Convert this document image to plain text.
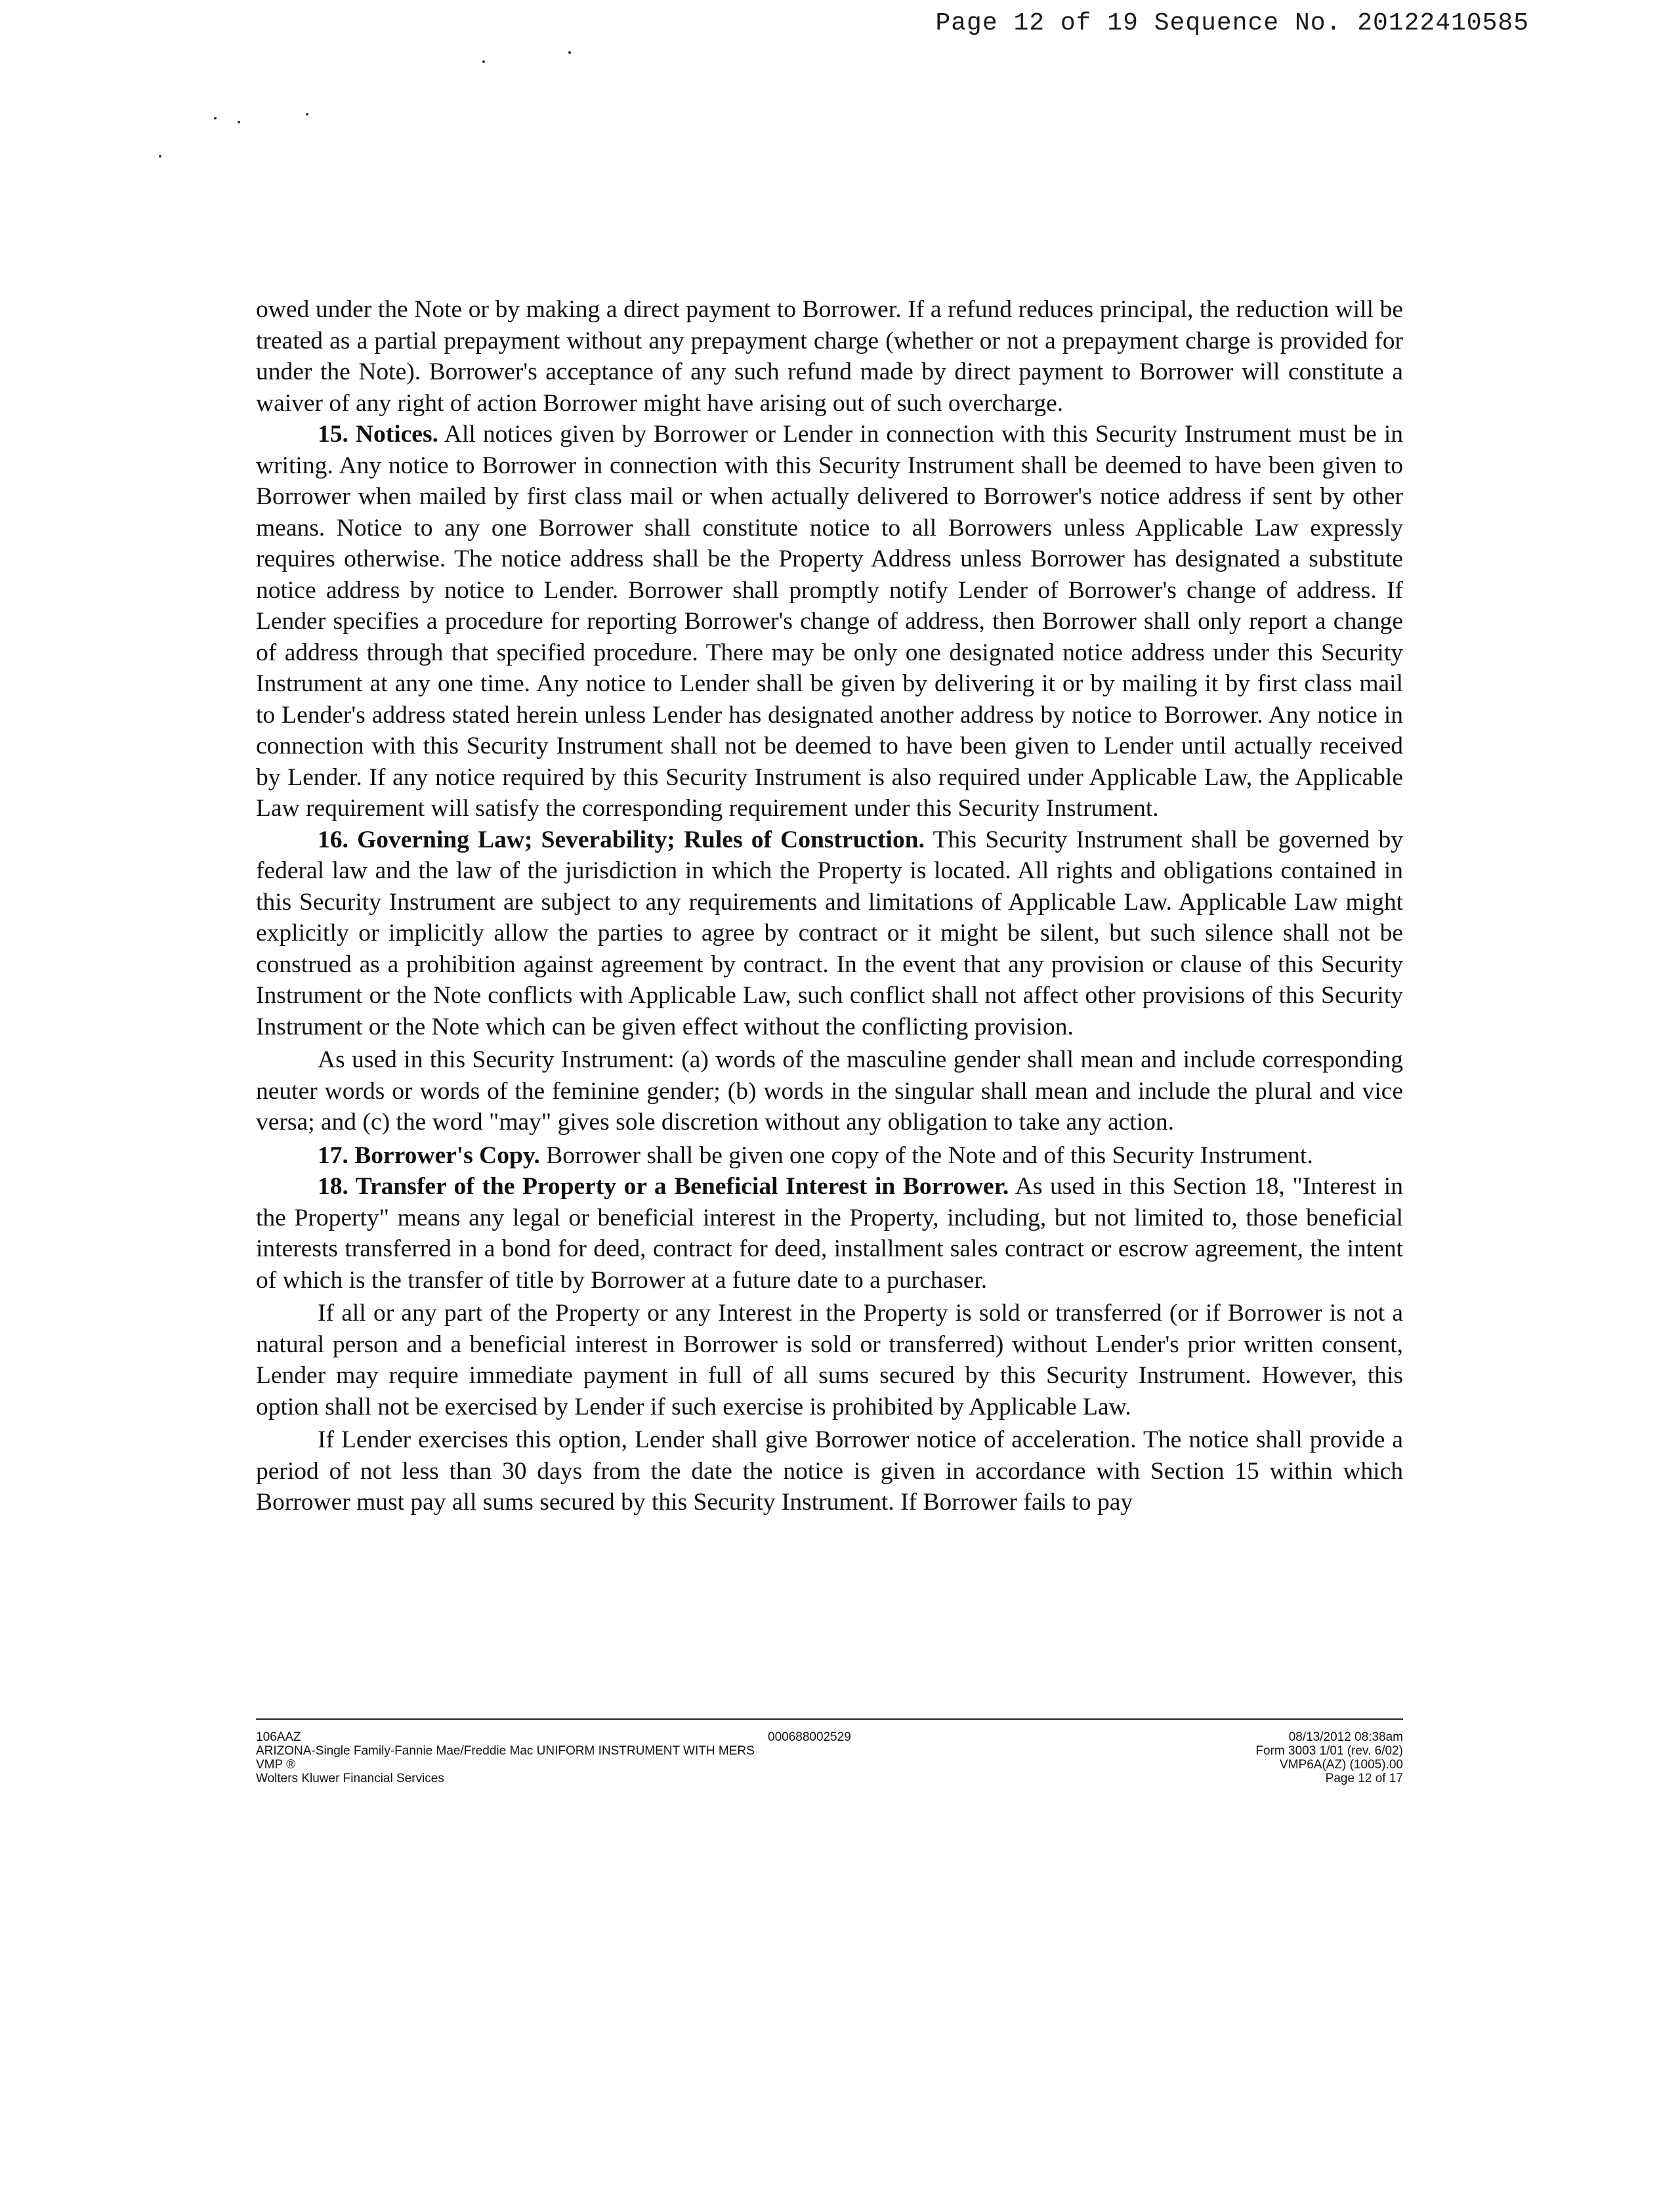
Page 12 of 19 Sequence No. 20122410585

owed under the Note or by making a direct payment to Borrower. If a refund reduces principal, the reduction will be treated as a partial prepayment without any prepayment charge (whether or not a prepayment charge is provided for under the Note). Borrower's acceptance of any such refund made by direct payment to Borrower will constitute a waiver of any right of action Borrower might have arising out of such overcharge.

15. Notices. All notices given by Borrower or Lender in connection with this Security Instrument must be in writing. Any notice to Borrower in connection with this Security Instrument shall be deemed to have been given to Borrower when mailed by first class mail or when actually delivered to Borrower's notice address if sent by other means. Notice to any one Borrower shall constitute notice to all Borrowers unless Applicable Law expressly requires otherwise. The notice address shall be the Property Address unless Borrower has designated a substitute notice address by notice to Lender. Borrower shall promptly notify Lender of Borrower's change of address. If Lender specifies a procedure for reporting Borrower's change of address, then Borrower shall only report a change of address through that specified procedure. There may be only one designated notice address under this Security Instrument at any one time. Any notice to Lender shall be given by delivering it or by mailing it by first class mail to Lender's address stated herein unless Lender has designated another address by notice to Borrower. Any notice in connection with this Security Instrument shall not be deemed to have been given to Lender until actually received by Lender. If any notice required by this Security Instrument is also required under Applicable Law, the Applicable Law requirement will satisfy the corresponding requirement under this Security Instrument.

16. Governing Law; Severability; Rules of Construction. This Security Instrument shall be governed by federal law and the law of the jurisdiction in which the Property is located. All rights and obligations contained in this Security Instrument are subject to any requirements and limitations of Applicable Law. Applicable Law might explicitly or implicitly allow the parties to agree by contract or it might be silent, but such silence shall not be construed as a prohibition against agreement by contract. In the event that any provision or clause of this Security Instrument or the Note conflicts with Applicable Law, such conflict shall not affect other provisions of this Security Instrument or the Note which can be given effect without the conflicting provision.

As used in this Security Instrument: (a) words of the masculine gender shall mean and include corresponding neuter words or words of the feminine gender; (b) words in the singular shall mean and include the plural and vice versa; and (c) the word "may" gives sole discretion without any obligation to take any action.

17. Borrower's Copy. Borrower shall be given one copy of the Note and of this Security Instrument.

18. Transfer of the Property or a Beneficial Interest in Borrower. As used in this Section 18, "Interest in the Property" means any legal or beneficial interest in the Property, including, but not limited to, those beneficial interests transferred in a bond for deed, contract for deed, installment sales contract or escrow agreement, the intent of which is the transfer of title by Borrower at a future date to a purchaser.

If all or any part of the Property or any Interest in the Property is sold or transferred (or if Borrower is not a natural person and a beneficial interest in Borrower is sold or transferred) without Lender's prior written consent, Lender may require immediate payment in full of all sums secured by this Security Instrument. However, this option shall not be exercised by Lender if such exercise is prohibited by Applicable Law.

If Lender exercises this option, Lender shall give Borrower notice of acceleration. The notice shall provide a period of not less than 30 days from the date the notice is given in accordance with Section 15 within which Borrower must pay all sums secured by this Security Instrument. If Borrower fails to pay

106AAZ
ARIZONA-Single Family-Fannie Mae/Freddie Mac UNIFORM INSTRUMENT WITH MERS
VMP ®
Wolters Kluwer Financial Services
000688002529	08/13/2012 08:38am
Form 3003 1/01 (rev. 6/02)
VMP6A(AZ) (1005).00
Page 12 of 17
